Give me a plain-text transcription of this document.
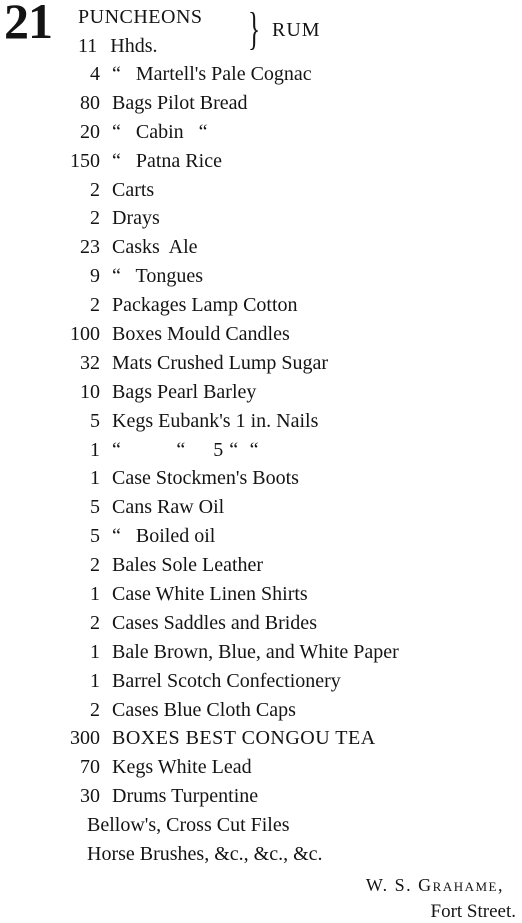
21 PUNCHEONS
11 Hhds. } RUM
4 “   Martell's Pale Cognac
80 Bags Pilot Bread
20 “   Cabin   “
150 “   Patna Rice
2 Carts
2 Drays
23 Casks  Ale
9 “   Tongues
2 Packages Lamp Cotton
100 Boxes Mould Candles
32 Mats Crushed Lump Sugar
10 Bags Pearl Barley
5 Kegs Eubank's 1 in. Nails
1 “          “     5 “  “
1 Case Stockmen's Boots
5 Cans Raw Oil
5 “   Boiled oil
2 Bales Sole Leather
1 Case White Linen Shirts
2 Cases Saddles and Brides
1 Bale Brown, Blue, and White Paper
1 Barrel Scotch Confectionery
2 Cases Blue Cloth Caps
300 BOXES BEST CONGOU TEA
70 Kegs White Lead
30 Drums Turpentine
Bellow's, Cross Cut Files
Horse Brushes, &c., &c., &c.
W. S. Grahame,
Fort Street.
